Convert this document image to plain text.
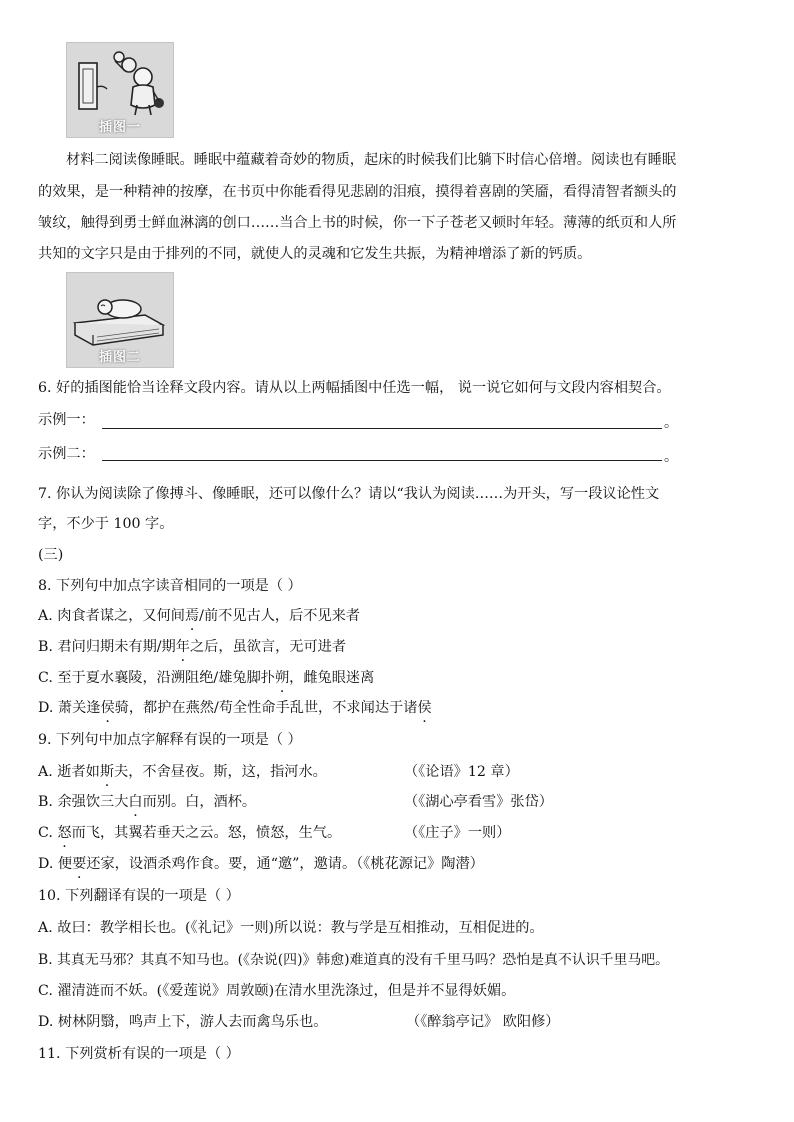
插图一
材料二阅读像睡眠。睡眠中蕴藏着奇妙的物质，起床的时候我们比躺下时信心倍增。阅读也有睡眠
的效果，是一种精神的按摩，在书页中你能看得见悲剧的泪痕，摸得着喜剧的笑靥，看得清智者额头的
皱纹，触得到勇士鲜血淋漓的创口……当合上书的时候，你一下子苍老又顿时年轻。薄薄的纸页和人所
共知的文字只是由于排列的不同，就使人的灵魂和它发生共振，为精神增添了新的钙质。
插图二
6. 好的插图能恰当诠释文段内容。请从以上两幅插图中任选一幅， 说一说它如何与文段内容相契合。
示例一：	。
示例二：	。
7. 你认为阅读除了像搏斗、像睡眠，还可以像什么？请以“我认为阅读……为开头，写一段议论性文
字，不少于 100 字。
(三)
8. 下列句中加点字读音相同的一项是（ ）
A. 肉食者谋之，又何间焉/前不见古人，后不见来者
B. 君问归期未有期/期年之后，虽欲言，无可进者
C. 至于夏水襄陵，沿溯阻绝/雄兔脚扑朔，雌兔眼迷离
D. 萧关逢侯骑，都护在燕然/苟全性命手乱世，不求闻达于诸侯
9. 下列句中加点字解释有误的一项是（ ）
A. 逝者如斯夫，不舍昼夜。斯，这，指河水。	（《论语》12 章）
B. 余强饮三大白而别。白，酒杯。	（《湖心亭看雪》张岱）
C. 怒而飞，其翼若垂天之云。怒，愤怒，生气。	（《庄子》一则）
D. 便要还家，设酒杀鸡作食。要，通“邀”，邀请。（《桃花源记》陶潜）
10. 下列翻译有误的一项是（ ）
A. 故曰：教学相长也。(《礼记》一则)所以说：教与学是互相推动，互相促进的。
B. 其真无马邪？其真不知马也。(《杂说(四)》韩愈)难道真的没有千里马吗？恐怕是真不认识千里马吧。
C. 濯清涟而不妖。(《爱莲说》周敦颐)在清水里洗涤过，但是并不显得妖媚。
D. 树林阴翳，鸣声上下，游人去而禽鸟乐也。	（《醉翁亭记》 欧阳修）
11. 下列赏析有误的一项是（ ）
